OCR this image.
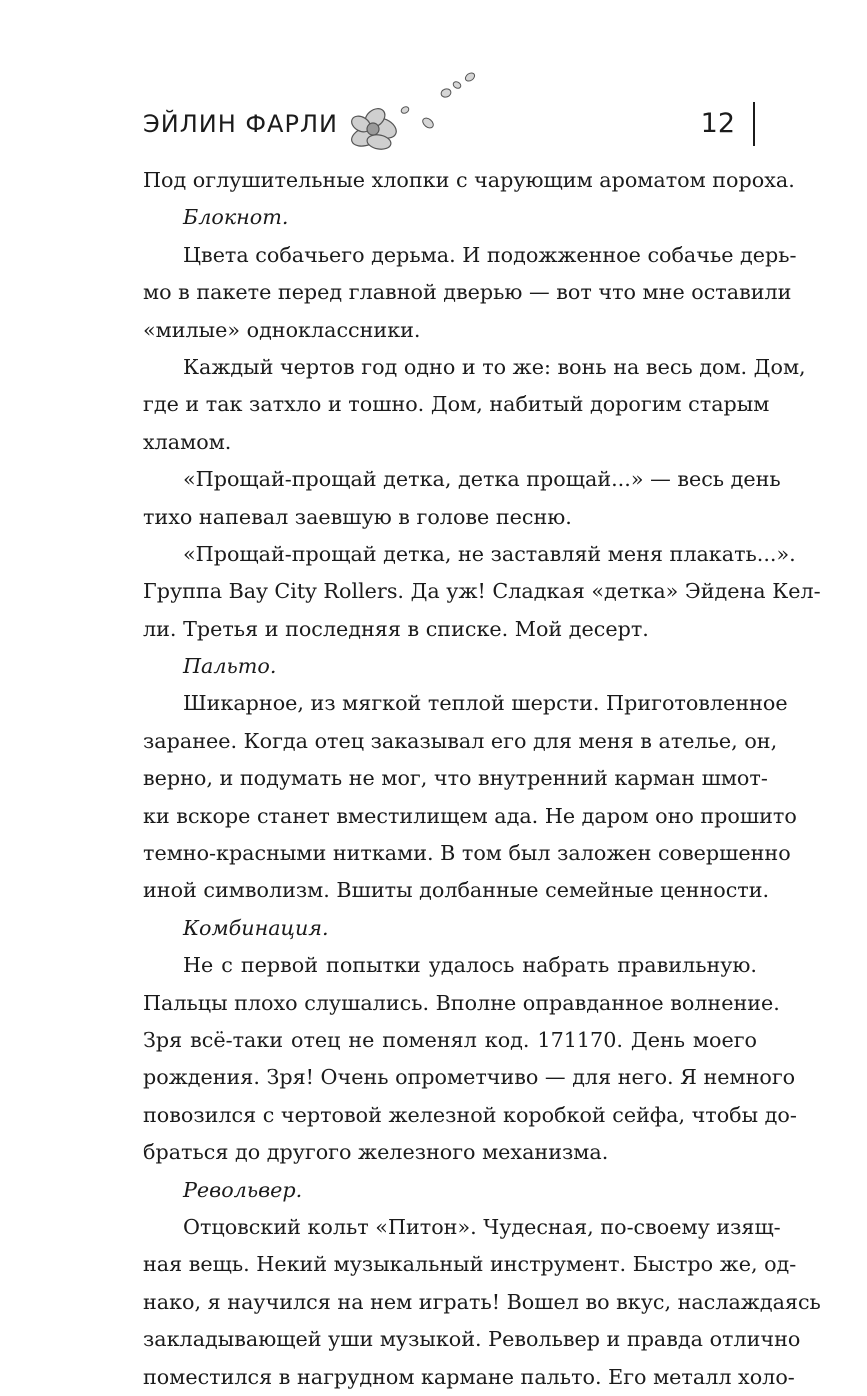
ЭЙЛИН ФАРЛИ	12
Под оглушительные хлопки с чарующим ароматом пороха.
Блокнот.
Цвета собачьего дерьма. И подожженное собачье дерь-
мо в пакете перед главной дверью — вот что мне оставили
«милые» одноклассники.
Каждый чертов год одно и то же: вонь на весь дом. Дом,
где и так затхло и тошно. Дом, набитый дорогим старым
хламом.
«Прощай-прощай детка, детка прощай...» — весь день
тихо напевал заевшую в голове песню.
«Прощай-прощай детка, не заставляй меня плакать...».
Группа Bay City Rollers. Да уж! Сладкая «детка» Эйдена Кел-
ли. Третья и последняя в списке. Мой десерт.
Пальто.
Шикарное, из мягкой теплой шерсти. Приготовленное
заранее. Когда отец заказывал его для меня в ателье, он,
верно, и подумать не мог, что внутренний карман шмот-
ки вскоре станет вместилищем ада. Не даром оно прошито
темно-красными нитками. В том был заложен совершенно
иной символизм. Вшиты долбанные семейные ценности.
Комбинация.
Не с первой попытки удалось набрать правильную.
Пальцы плохо слушались. Вполне оправданное волнение.
Зря всё-таки отец не поменял код. 171170. День моего
рождения. Зря! Очень опрометчиво — для него. Я немного
повозился с чертовой железной коробкой сейфа, чтобы до-
браться до другого железного механизма.
Револьвер.
Отцовский кольт «Питон». Чудесная, по-своему изящ-
ная вещь. Некий музыкальный инструмент. Быстро же, од-
нако, я научился на нем играть! Вошел во вкус, наслаждаясь
закладывающей уши музыкой. Револьвер и правда отлично
поместился в нагрудном кармане пальто. Его металл холо-
